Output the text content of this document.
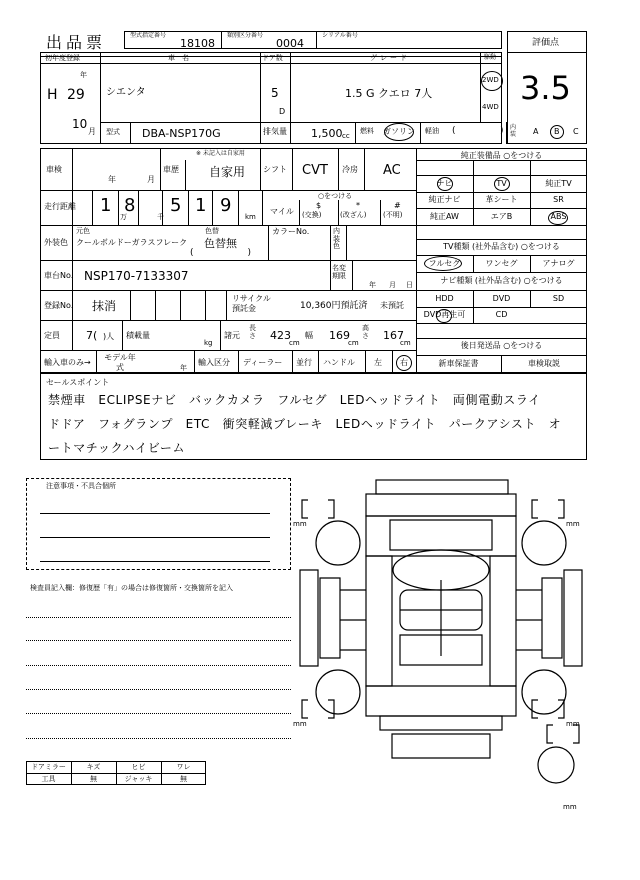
出品票	型式指定番号
18108
類別区分番号
0004
シリアル番号
評価点
3.5
初年度登録
年
H 29
10
月
車　名
シエンタ
ドア数
5
D
グレード
1.5 G クエロ 7人
駆動
2WD
4WD
型式 DBA-NSP170G	排気量 1,500 cc
燃料 ガソリン 軽油 (	) 内装 A B C
車検
年	月
車歴
※ 未記入は自家用
自家用 シフト CVT 冷房 AC
走行距離 1 8 5 1 9
万	千	km
○をつける
マイル
$
(交換)
*
(改ざん)
#
(不明)
外装色
元色
クールボルドーガラスフレーク
色替
色替無
(　　　　　　)
カラーNo.	内装色
車台No. NSP170-7133307
名変期限
年 月 日
登録No. 抹消
リサイクル預託金	10,360円預託済 未預託
定員 7( )人 積載量
kg
諸元
長さ 423
cm
幅 169
cm
高さ 167
cm
輸入車のみ→
モデル年式	年
輸入区分 ディーラー 並行 ハンドル 左 右
純正装備品 ○をつける
ナビ	TV	純正TV
純正ナビ	革シート	SR
純正AW	エアB	ABS
TV種類 (社外品含む) ○をつける
フルセグ	ワンセグ	アナログ
ナビ種類 (社外品含む) ○をつける
HDD	DVD	SD
DVD再生可	CD
後日発送品 ○をつける
新車保証書	車検取説
セールスポイント
禁煙車　ECLIPSEナビ　バックカメラ　フルセグ　LEDヘッドライト　両側電動スライ
ドドア　フォグランプ　ETC　衝突軽減ブレーキ　LEDヘッドライト　パークアシスト　オ
ートマチックハイビーム
注意事項・不具合個所
検査員記入欄：修復歴「有」の場合は修復箇所・交換箇所を記入
ドアミラー	キズ	ヒビ	ワレ
工具	無	ジャッキ	無
mm	mm
mm	mm
mm
